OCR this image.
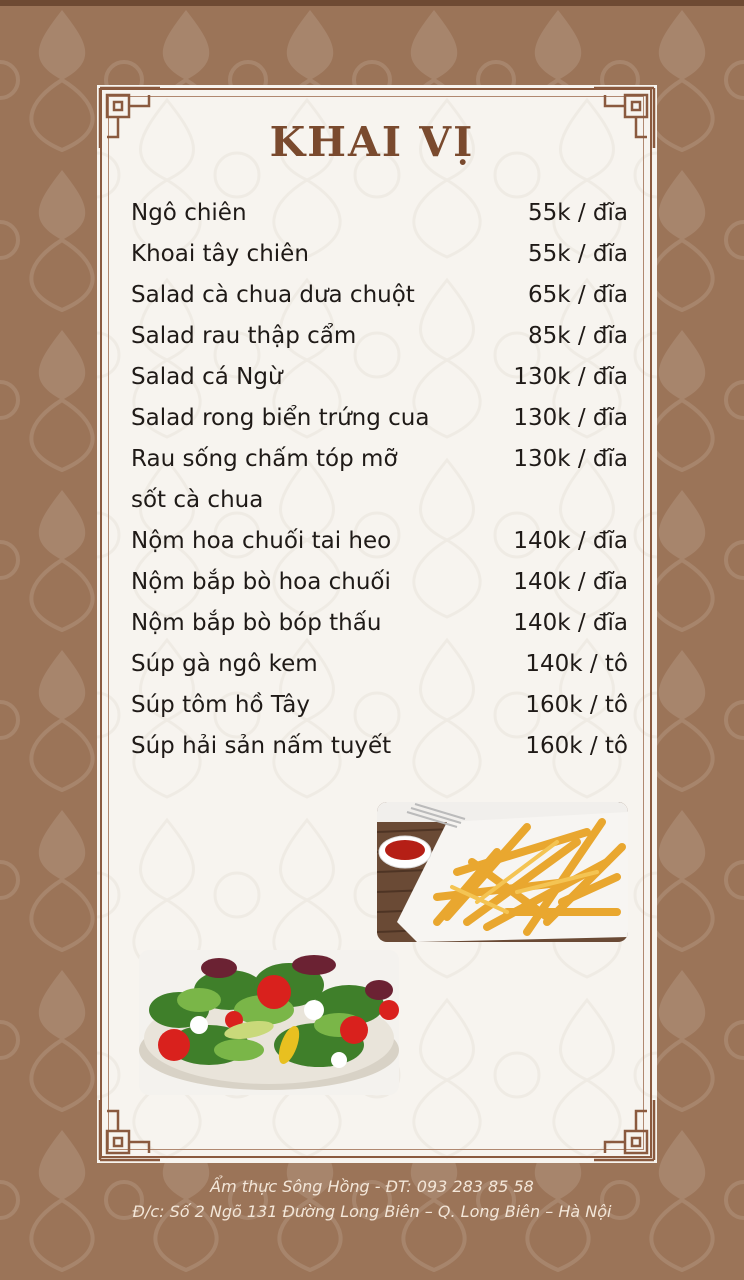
KHAI VỊ
Ngô chiên	55k / đĩa
Khoai tây chiên	55k / đĩa
Salad cà chua dưa chuột	65k / đĩa
Salad rau thập cẩm	85k / đĩa
Salad cá Ngừ	130k / đĩa
Salad rong biển trứng cua	130k / đĩa
Rau sống chấm tóp mỡ	130k / đĩa
sốt cà chua
Nộm hoa chuối tai heo	140k / đĩa
Nộm bắp bò hoa chuối	140k / đĩa
Nộm bắp bò bóp thấu	140k / đĩa
Súp gà ngô kem	140k / tô
Súp tôm hồ Tây	160k / tô
Súp hải sản nấm tuyết	160k / tô
Ẩm thực Sông Hồng - ĐT: 093 283 85 58
Đ/c: Số 2 Ngõ 131 Đường Long Biên – Q. Long Biên – Hà Nội
